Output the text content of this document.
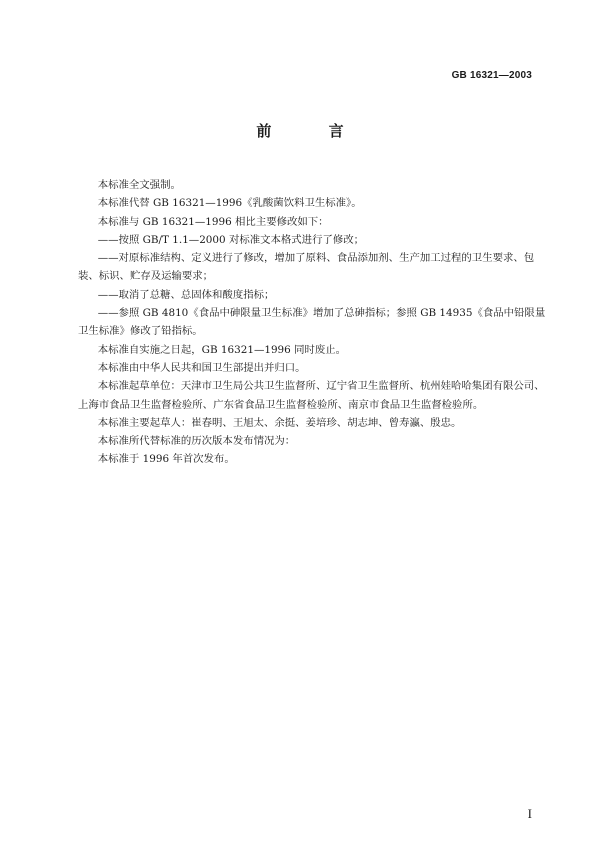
GB 16321—2003
前 言

本标准全文强制。

本标准代替 GB 16321—1996《乳酸菌饮料卫生标准》。

本标准与 GB 16321—1996 相比主要修改如下：

——按照 GB/T 1.1—2000 对标准文本格式进行了修改；

——对原标准结构、定义进行了修改，增加了原料、食品添加剂、生产加工过程的卫生要求、包装、标识、贮存及运输要求；

——取消了总糖、总固体和酸度指标；

——参照 GB 4810《食品中砷限量卫生标准》增加了总砷指标；参照 GB 14935《食品中铅限量卫生标准》修改了铅指标。

本标准自实施之日起，GB 16321—1996 同时废止。

本标准由中华人民共和国卫生部提出并归口。

本标准起草单位：天津市卫生局公共卫生监督所、辽宁省卫生监督所、杭州娃哈哈集团有限公司、上海市食品卫生监督检验所、广东省食品卫生监督检验所、南京市食品卫生监督检验所。

本标准主要起草人：崔春明、王旭太、余挺、姜培珍、胡志坤、曾寿瀛、殷忠。

本标准所代替标准的历次版本发布情况为：

本标准于 1996 年首次发布。

I
